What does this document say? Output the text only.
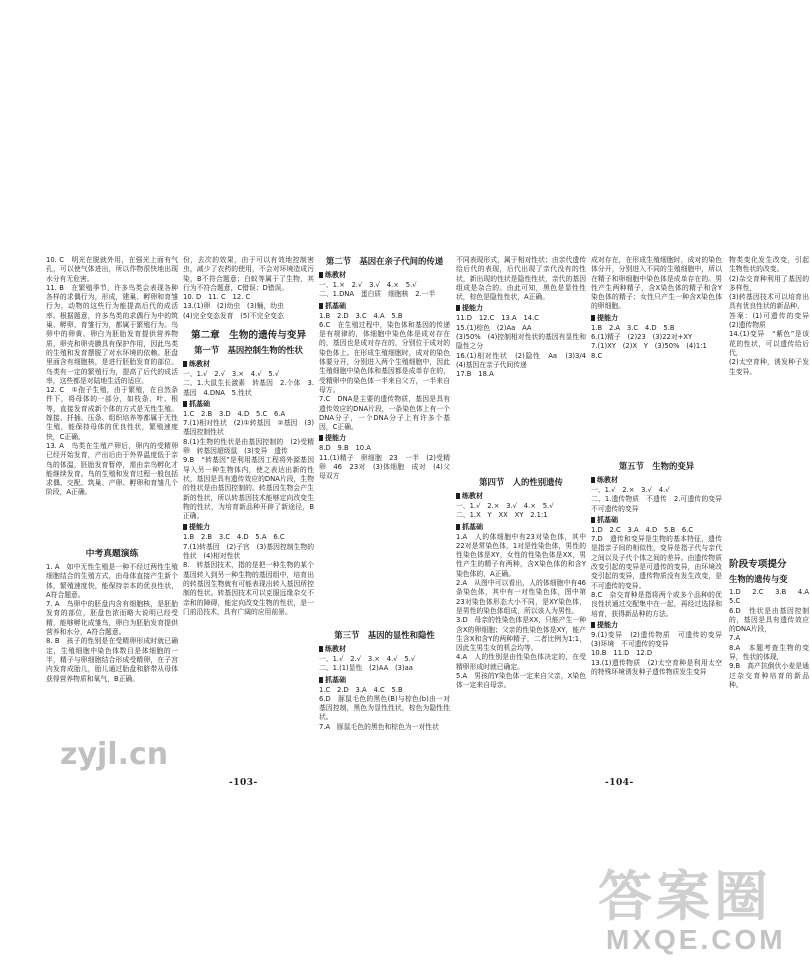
10. C　明光在脱就外用，在强光上面有气孔，可以使气体进出，所以作物很快地出现水分有无危害。

11. B　在繁殖季节，许多鸟类会表现各种各样的求偶行为，形成，建巢、孵卵和育雏行为，动物的这些行为能提高后代的成活率。根据题意，许多鸟类的求偶行为中的筑巢、孵卵、育雏行为，都属于繁殖行为。鸟卵中的卵黄、卵白为胚胎发育提供营养物质，卵壳和卵壳膜具有保护作用，因此鸟类的生殖和发育摆脱了对水环境的依赖。胚盘里面含有细胞核，是进行胚胎发育的部位。鸟类有一定的繁殖行为，提高了后代的成活率，这些都是对陆地生活的适应。

12. C　①孢子生殖，由于繁殖，在自然条件下，将母体的一部分，如枝条、叶、根等，直接发育成新个体的方式是无性生殖。嫁接、扦插、压条、组织培养等都属于无性生殖，能保持母体的优良性状，繁殖速度快，C正确。

13. A　鸟类在生殖产卵后，卵内的受精卵已经开始发育，产出后由于外界温度低于亲鸟的体温，胚胎发育暂停，需由亲鸟孵化才能继续发育。鸟的生殖和发育过程一般包括求偶、交配、筑巢、产卵、孵卵和育雏几个阶段，A正确。

中考真题演练

1. A　如中无性生殖是一种不经过两性生殖细胞结合的生殖方式，由母体直接产生新个体，繁殖速度快，能保持亲本的优良性状，A符合题意。

7. A　鸟卵中的胚盘内含有细胞核，是胚胎发育的部位，胚盘色浓而略大说明已经受精，能够孵化成雏鸟，卵白为胚胎发育提供营养和水分，A符合题意。

8. B　孩子的性别是在受精卵形成时就已确定，生殖细胞中染色体数目是体细胞的一半，精子与卵细胞结合形成受精卵，在子宫内发育成胎儿，胎儿通过胎盘和脐带从母体获得营养物质和氧气，B正确。

份，去次的效果，由于可以有效地控制害虫，减少了农药的使用，不会对环境造成污染，B不符合题意；白蚁等属于了生物，其行为不符合题意，C错误；D错误。

10. D　11. C　12. C

13.(1)卵　(2)幼虫　(3)蛹，幼虫

(4)完全变态发育　(5)不完全变态

第二章　生物的遗传与变异
第一节　基因控制生物的性状

练教材

一、1.√　2.√　3.×　4.√　5.√

二、1.大鼠生长激素　转基因　2.个体　3.基因　4.DNA　5.性状

抓基础

1.C　2.B　3.D　4.D　5.C　6.A

7.(1)相对性状　(2)①转基因　②基因　(3)基因控制性状

8.(1)生物的性状是由基因控制的　(2)受精卵　转基因超级鼠　(3)变异　遗传

9.B　“转基因”是利用基因工程将外源基因导入另一种生物体内，使之表达出新的性状，基因是具有遗传效应的DNA片段，生物的性状是由基因控制的。转基因生物会产生新的性状，所以转基因技术能够定向改变生物的性状，为培育新品种开辟了新途径，B正确。

提能力

1.B　2.B　3.C　4.D　5.A　6.C

7.(1)转基因　(2)子宫　(3)基因控制生物的性状　(4)相对性状

8.　转基因技术，指的是把一种生物的某个基因转入到另一种生物的基因组中，培育出的转基因生物就有可能表现出转入基因所控制的性状。转基因技术可以克服远缘杂交不亲和的障碍，能定向改变生物的性状，是一门前沿技术，具有广阔的应用前景。

第二节　基因在亲子代间的传递

练教材

一、1.×　2.√　3.√　4.×　5.√

二、1.DNA　蛋白质　细胞核　2.一半

抓基础

1.B　2.D　3.C　4.A　5.B

6.C　在生殖过程中，染色体和基因的传递是有规律的，体细胞中染色体是成对存在的，基因也是成对存在的，分别位于成对的染色体上。在形成生殖细胞时，成对的染色体要分开，分别进入两个生殖细胞中，因此生殖细胞中染色体和基因都是成单存在的，受精卵中的染色体一半来自父方，一半来自母方。

7.C　DNA是主要的遗传物质，基因是具有遗传效应的DNA片段，一条染色体上有一个DNA分子，一个DNA分子上有许多个基因，C正确。

提能力

8.D　9.B　10.A

11.(1)精子　卵细胞　23　一半　(2)受精卵　46　23对　(3)体细胞　成对　(4)父母双方

第三节　基因的显性和隐性

练教材

一、1.√　2.√　3.×　4.√　5.√

二、1.(1)显性　(2)AA　(3)aa

抓基础

1.C　2.D　3.A　4.C　5.B

6.D　豚鼠毛色的黑色(B)与棕色(b)由一对基因控制，黑色为显性性状，棕色为隐性性状。

7.A　豚鼠毛色的黑色和棕色为一对性状

不同表现形式，属于相对性状；由亲代遗传给后代的表现，后代出现了亲代没有的性状，新出现的性状是隐性性状，亲代的基因组成是杂合的。由此可知，黑色是显性性状，棕色是隐性性状，A正确。

提能力

11.D　12.C　13.A　14.C

15.(1)棕色　(2)Aa　AA

(3)50%　(4)控制相对性状的基因有显性和隐性之分

16.(1)相对性状　(2)隐性　Aa　(3)3/4　(4)基因在亲子代间传递

17.B　18.A

第四节　人的性别遗传

练教材

一、1.√　2.×　3.√　4.×　5.√

二、1.X　Y　XX　XY　2.1:1

抓基础

1.A　人的体细胞中有23对染色体，其中22对是常染色体，1对是性染色体，男性的性染色体是XY，女性的性染色体是XX，男性产生的精子有两种，含X染色体的和含Y染色体的，A正确。

2.A　从图中可以看出，人的体细胞中有46条染色体，其中有一对性染色体，图中第23对染色体形态大小不同，是XY染色体，是男性的染色体组成，所以该人为男性。

3.D　母亲的性染色体是XX，只能产生一种含X的卵细胞；父亲的性染色体是XY，能产生含X和含Y的两种精子，二者比例为1:1，因此生男生女的机会均等。

4.A　人的性别是由性染色体决定的，在受精卵形成时就已确定。

5.A　男孩的Y染色体一定来自父亲，X染色体一定来自母亲。

成对存在，在形成生殖细胞时，成对的染色体分开，分别进入不同的生殖细胞中，所以在精子和卵细胞中染色体是成单存在的。男性产生两种精子，含X染色体的精子和含Y染色体的精子；女性只产生一种含X染色体的卵细胞。

提能力

1.B　2.A　3.C　4.D　5.B

6.(1)精子　(2)23　(3)22对+XY

7.(1)XY　(2)X　Y　(3)50%　(4)1:1

8.C

第五节　生物的变异

练教材

一、1.√　2.×　3.√　4.√

二、1.遗传物质　不遗传　2.可遗传的变异　不可遗传的变异

抓基础

1.D　2.C　3.A　4.D　5.B　6.C

7.D　遗传和变异是生物的基本特征，遗传是指亲子间的相似性，变异是指子代与亲代之间以及子代个体之间的差异。由遗传物质改变引起的变异是可遗传的变异，由环境改变引起的变异，遗传物质没有发生改变，是不可遗传的变异。

8.C　杂交育种是指将两个或多个品种的优良性状通过交配集中在一起，再经过选择和培育，获得新品种的方法。

提能力

9.(1)变异　(2)遗传物质　可遗传的变异　(3)环境　不可遗传的变异

10.B　11.D　12.D

13.(1)遗传物质　(2)太空育种是利用太空的特殊环境诱发种子遗传物质发生变异

物类变化发生改变，引起生物性状的改变。

(2)杂交育种利用了基因的多样性，

(3)转基因技术可以培育出具有优良性状的新品种，

答案：(1)可遗传的变异　(2)遗传物质

14.(1)变异　“紫色”是该花的性状，可以遗传给后代，

(2)太空育种，诱发种子发生变异。

阶段专项提分
生物的遗传与变

1.D　2.C　3.B　4.A　5.C

6.D　性状是由基因控制的，基因是具有遗传效应的DNA片段，

7.A

8.A　本题考查生物的变异，性状的体现，

9.B　高产抗倒伏小麦是通过杂交育种培育的新品种。

-103-	-104-
zyjl.cn
答案圈
MXQE.COM
